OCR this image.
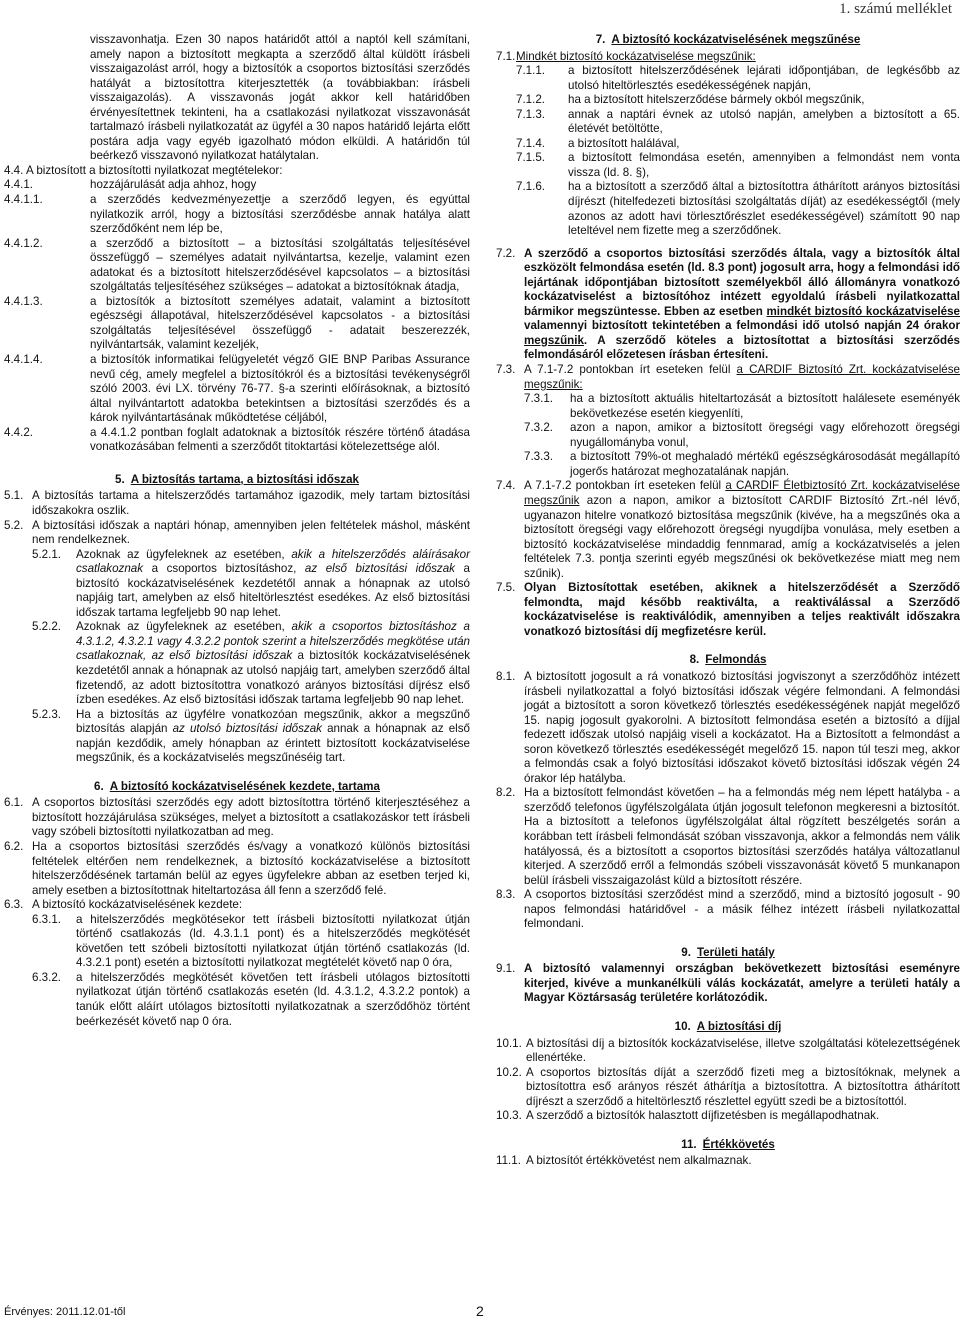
1. számú melléklet
visszavonhatja. Ezen 30 napos határidőt attól a naptól kell számítani, amely napon a biztosított megkapta a szerződő által küldött írásbeli visszaigazolást arról, hogy a biztosítók a csoportos biztosítási szerződés hatályát a biztosítottra kiterjesztették (a továbbiakban: írásbeli visszaigazolás). A visszavonás jogát akkor kell határidőben érvényesítettnek tekinteni, ha a csatlakozási nyilatkozat visszavonását tartalmazó írásbeli nyilatkozatát az ügyfél a 30 napos határidő lejárta előtt postára adja vagy egyéb igazolható módon elküldi. A határidőn túl beérkező visszavonó nyilatkozat hatálytalan.
4.4. A biztosított a biztosítotti nyilatkozat megtételekor:
4.4.1.	hozzájárulását adja ahhoz, hogy
4.4.1.1.	a szerződés kedvezményezettje a szerződő legyen, és egyúttal nyilatkozik arról, hogy a biztosítási szerződésbe annak hatálya alatt szerződőként nem lép be,
4.4.1.2.	a szerződő a biztosított – a biztosítási szolgáltatás teljesítésével összefüggő – személyes adatait nyilvántartsa, kezelje, valamint ezen adatokat és a biztosított hitelszerződésével kapcsolatos – a biztosítási szolgáltatás teljesítéséhez szükséges – adatokat a biztosítóknak átadja,
4.4.1.3.	a biztosítók a biztosított személyes adatait, valamint a biztosított egészségi állapotával, hitelszerződésével kapcsolatos - a biztosítási szolgáltatás teljesítésével összefüggő - adatait beszerezzék, nyilvántartsák, valamint kezeljék,
4.4.1.4.	a biztosítók informatikai felügyeletét végző GIE BNP Paribas Assurance nevű cég, amely megfelel a biztosítókról és a biztosítási tevékenységről szóló 2003. évi LX. törvény 76-77. §-a szerinti előírásoknak, a biztosító által nyilvántartott adatokba betekintsen a biztosítási szerződés és a károk nyilvántartásának működtetése céljából,
4.4.2.	a 4.4.1.2 pontban foglalt adatoknak a biztosítók részére történő átadása vonatkozásában felmenti a szerződőt titoktartási kötelezettsége alól.
5. A biztosítás tartama, a biztosítási időszak
5.1. A biztosítás tartama a hitelszerződés tartamához igazodik, mely tartam biztosítási időszakokra oszlik.
5.2. A biztosítási időszak a naptári hónap, amennyiben jelen feltételek máshol, másként nem rendelkeznek.
5.2.1.	Azoknak az ügyfeleknek az esetében, akik a hitelszerződés aláírásakor csatlakoznak a csoportos biztosításhoz, az első biztosítási időszak a biztosító kockázatviselésének kezdetétől annak a hónapnak az utolsó napjáig tart, amelyben az első hiteltörlesztést esedékes. Az első biztosítási időszak tartama legfeljebb 90 nap lehet.
5.2.2.	Azoknak az ügyfeleknek az esetében, akik a csoportos biztosításhoz a 4.3.1.2, 4.3.2.1 vagy 4.3.2.2 pontok szerint a hitelszerződés megkötése után csatlakoznak, az első biztosítási időszak a biztosítók kockázatviselésének kezdetétől annak a hónapnak az utolsó napjáig tart, amelyben szerződő által fizetendő, az adott biztosítottra vonatkozó arányos biztosítási díjrész első ízben esedékes. Az első biztosítási időszak tartama legfeljebb 90 nap lehet.
5.2.3.	Ha a biztosítás az ügyfélre vonatkozóan megszűnik, akkor a megszűnő biztosítás alapján az utolsó biztosítási időszak annak a hónapnak az első napján kezdődik, amely hónapban az érintett biztosított kockázatviselése megszűnik, és a kockázatviselés megszűnéséig tart.
6. A biztosító kockázatviselésének kezdete, tartama
6.1. A csoportos biztosítási szerződés egy adott biztosítottra történő kiterjesztéséhez a biztosított hozzájárulása szükséges, melyet a biztosított a csatlakozáskor tett írásbeli vagy szóbeli biztosítotti nyilatkozatban ad meg.
6.2. Ha a csoportos biztosítási szerződés és/vagy a vonatkozó különös biztosítási feltételek eltérően nem rendelkeznek, a biztosító kockázatviselése a biztosított hitelszerződésének tartamán belül az egyes ügyfelekre abban az esetben terjed ki, amely esetben a biztosítottnak hiteltartozása áll fenn a szerződő felé.
6.3. A biztosító kockázatviselésének kezdete:
6.3.1.	a hitelszerződés megkötésekor tett írásbeli biztosítotti nyilatkozat útján történő csatlakozás (ld. 4.3.1.1 pont) és a hitelszerződés megkötését követően tett szóbeli biztosítotti nyilatkozat útján történő csatlakozás (ld. 4.3.2.1 pont) esetén a biztosítotti nyilatkozat megtételét követő nap 0 óra,
6.3.2.	a hitelszerződés megkötését követően tett írásbeli utólagos biztosítotti nyilatkozat útján történő csatlakozás esetén (ld. 4.3.1.2, 4.3.2.2 pontok) a tanúk előtt aláírt utólagos biztosítotti nyilatkozatnak a szerződőhöz történt beérkezését követő nap 0 óra.
7. A biztosító kockázatviselésének megszűnése
7.1. Mindkét biztosító kockázatviselése megszűnik:
7.1.1.	a biztosított hitelszerződésének lejárati időpontjában, de legkésőbb az utolsó hiteltörlesztés esedékességének napján,
7.1.2.	ha a biztosított hitelszerződése bármely okból megszűnik,
7.1.3.	annak a naptári évnek az utolsó napján, amelyben a biztosított a 65. életévét betöltötte,
7.1.4.	a biztosított halálával,
7.1.5.	a biztosított felmondása esetén, amennyiben a felmondást nem vonta vissza (ld. 8. §),
7.1.6.	ha a biztosított a szerződő által a biztosítottra áthárított arányos biztosítási díjrészt (hitelfedezeti biztosítási szolgáltatás díját) az esedékességtől (mely azonos az adott havi törlesztőrészlet esedékességével) számított 90 nap leteltével nem fizette meg a szerződőnek.
7.2. A szerződő a csoportos biztosítási szerződés általa, vagy a biztosítók által eszközölt felmondása esetén (ld. 8.3 pont) jogosult arra, hogy a felmondási idő lejártának időpontjában biztosított személyekből álló állományra vonatkozó kockázatviselést a biztosítóhoz intézett egyoldalú írásbeli nyilatkozattal bármikor megszüntesse. Ebben az esetben mindkét biztosító kockázatviselése valamennyi biztosított tekintetében a felmondási idő utolsó napján 24 órakor megszűnik. A szerződő köteles a biztosítottat a biztosítási szerződés felmondásáról előzetesen írásban értesíteni.
7.3. A 7.1-7.2 pontokban írt eseteken felül a CARDIF Biztosító Zrt. kockázatviselése megszűnik:
7.3.1.	ha a biztosított aktuális hiteltartozását a biztosított halálesete eseményék bekövetkezése esetén kiegyenlíti,
7.3.2.	azon a napon, amikor a biztosított öregségi vagy előrehozott öregségi nyugállományba vonul,
7.3.3.	a biztosított 79%-ot meghaladó mértékű egészségkárosodását megállapító jogerős határozat meghozatalának napján.
7.4. A 7.1-7.2 pontokban írt eseteken felül a CARDIF Életbiztosító Zrt. kockázatviselése megszűnik azon a napon, amikor a biztosított CARDIF Biztosító Zrt.-nél lévő, ugyanazon hitelre vonatkozó biztosítása megszűnik (kivéve, ha a megszűnés oka a biztosított öregségi vagy előrehozott öregségi nyugdíjba vonulása, mely esetben a biztosító kockázatviselése mindaddig fennmarad, amíg a kockázatviselés a jelen feltételek 7.3. pontja szerinti egyéb megszűnési ok bekövetkezése miatt meg nem szűnik).
7.5. Olyan Biztosítottak esetében, akiknek a hitelszerződését a Szerződő felmondta, majd később reaktiválta, a reaktiválással a Szerződő kockázatviselése is reaktiválódik, amennyiben a teljes reaktivált időszakra vonatkozó biztosítási díj megfizetésre kerül.
8. Felmondás
8.1. A biztosított jogosult a rá vonatkozó biztosítási jogviszonyt a szerződőhöz intézett írásbeli nyilatkozattal a folyó biztosítási időszak végére felmondani. A felmondási jogát a biztosított a soron következő törlesztés esedékességének napját megelőző 15. napig jogosult gyakorolni. A biztosított felmondása esetén a biztosító a díjjal fedezett időszak utolsó napjáig viseli a kockázatot. Ha a Biztosított a felmondást a soron következő törlesztés esedékességét megelőző 15. napon túl teszi meg, akkor a felmondás csak a folyó biztosítási időszakot követő biztosítási időszak végén 24 órakor lép hatályba.
8.2. Ha a biztosított felmondást követően – ha a felmondás még nem lépett hatályba - a szerződő telefonos ügyfélszolgálata útján jogosult telefonon megkeresni a biztosítót. Ha a biztosított a telefonos ügyfélszolgálat által rögzített beszélgetés során a korábban tett írásbeli felmondását szóban visszavonja, akkor a felmondás nem válik hatályossá, és a biztosított a csoportos biztosítási szerződés hatálya változatlanul kiterjed. A szerződő erről a felmondás szóbeli visszavonását követő 5 munkanapon belül írásbeli visszaigazolást küld a biztosított részére.
8.3. A csoportos biztosítási szerződést mind a szerződő, mind a biztosító jogosult - 90 napos felmondási határidővel - a másik félhez intézett írásbeli nyilatkozattal felmondani.
9. Területi hatály
9.1. A biztosító valamennyi országban bekövetkezett biztosítási eseményre kiterjed, kivéve a munkanélküli válás kockázatát, amelyre a területi hatály a Magyar Köztársaság területére korlátozódik.
10. A biztosítási díj
10.1. A biztosítási díj a biztosítók kockázatviselése, illetve szolgáltatási kötelezettségének ellenértéke.
10.2. A csoportos biztosítás díját a szerződő fizeti meg a biztosítóknak, melynek a biztosítottra eső arányos részét áthárítja a biztosítottra. A biztosítottra áthárított díjrészt a szerződő a hiteltörlesztő részlettel együtt szedi be a biztosítottól.
10.3. A szerződő a biztosítók halasztott díjfizetésben is megállapodhatnak.
11. Értékkövetés
11.1. A biztosítót értékkövetést nem alkalmaznak.
Érvényes: 2011.12.01-től	2
